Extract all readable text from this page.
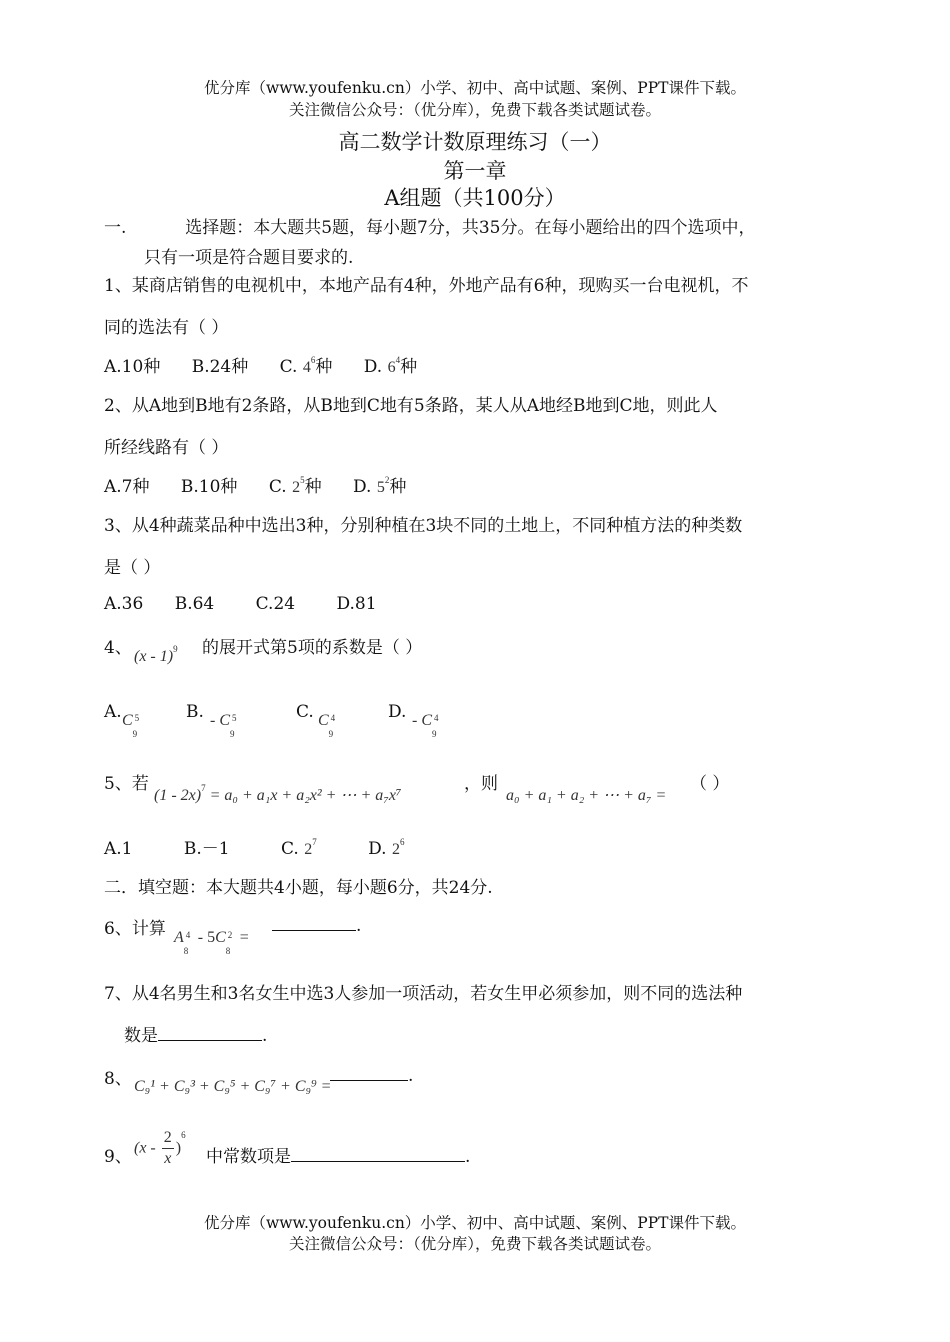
优分库（www.youfenku.cn）小学、初中、高中试题、案例、PPT课件下载。
关注微信公众号：（优分库），免费下载各类试题试卷。
高二数学计数原理练习（一）
第一章
A组题（共100分）
一.	选择题：本大题共5题，每小题7分，共35分。在每小题给出的四个选项中，
只有一项是符合题目要求的.
1、某商店销售的电视机中，本地产品有4种，外地产品有6种，现购买一台电视机，不
同的选法有（ ）
A.10种 B.24种 C. $4^6$种 D. $6^4$种
2、从A地到B地有2条路，从B地到C地有5条路，某人从A地经B地到C地，则此人
所经线路有（ ）
A.7种 B.10种 C. $2^5$种 D. $5^2$种
3、从4种蔬菜品种中选出3种，分别种植在3块不同的土地上，不同种植方法的种类数
是（ ）
A.36 B.64 C.24 D.81
4、 (x - 1)$^9$ 的展开式第5项的系数是（ ）
A. C 5
9
B. - C 5
9
C. C 4
9
D. - C 4
9
5、若
(1 - 2x)$^7$ = a₀ + a₁x + a₂x² + ⋯ + a₇x⁷
，则
a₀ + a₁ + a₂ + ⋯ + a₇ =
（ ）
A.1	B.－1	C. $2^7$	D. $2^6$
二．填空题：本大题共4小题，每小题6分，共24分.
6、计算 A 4
8
- 5C 2
8
=
.
7、从4名男生和3名女生中选3人参加一项活动，若女生甲必须参加，则不同的选法种
数是	.
8、 C₉¹ + C₉³ + C₉⁵ + C₉⁷ + C₉⁹ =
.
9、 $(x - \frac{2}{x} )^6$
中常数项是	.
优分库（www.youfenku.cn）小学、初中、高中试题、案例、PPT课件下载。
关注微信公众号：（优分库），免费下载各类试题试卷。
